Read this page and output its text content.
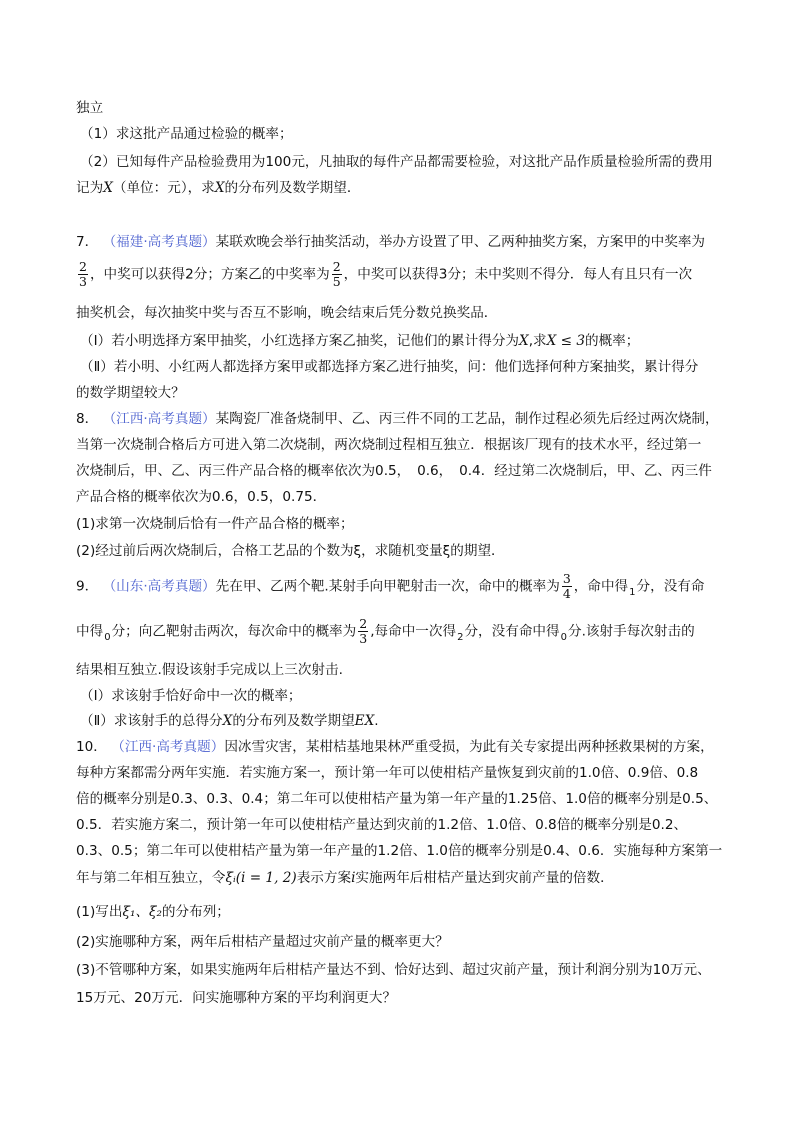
独立
（1）求这批产品通过检验的概率；
（2）已知每件产品检验费用为100元，凡抽取的每件产品都需要检验，对这批产品作质量检验所需的费用
记为X（单位：元），求X的分布列及数学期望．
7． （福建·高考真题）某联欢晚会举行抽奖活动，举办方设置了甲、乙两种抽奖方案，方案甲的中奖率为
$\frac{2}{3}$ ，中奖可以获得2分；方案乙的中奖率为 $\frac{2}{5}$ ，中奖可以获得3分；未中奖则不得分．每人有且只有一次
抽奖机会，每次抽奖中奖与否互不影响，晚会结束后凭分数兑换奖品．
（Ⅰ）若小明选择方案甲抽奖，小红选择方案乙抽奖，记他们的累计得分为X,求X ≤ 3的概率；
（Ⅱ）若小明、小红两人都选择方案甲或都选择方案乙进行抽奖，问：他们选择何种方案抽奖，累计得分
的数学期望较大？
8． （江西·高考真题）某陶瓷厂准备烧制甲、乙、丙三件不同的工艺品，制作过程必须先后经过两次烧制，
当第一次烧制合格后方可进入第二次烧制，两次烧制过程相互独立．根据该厂现有的技术水平，经过第一
次烧制后，甲、乙、丙三件产品合格的概率依次为0.5，　0.6，　0.4．经过第二次烧制后，甲、乙、丙三件
产品合格的概率依次为0.6，0.5，0.75．
(1)求第一次烧制后恰有一件产品合格的概率；
(2)经过前后两次烧制后，合格工艺品的个数为ξ，求随机变量ξ的期望．
9． （山东·高考真题）先在甲、乙两个靶.某射手向甲靶射击一次，命中的概率为 $\frac{3}{4}$ ，命中得$_1$分，没有命
中得$_0$分；向乙靶射击两次，每次命中的概率为 $\frac{2}{3}$ ,每命中一次得$_2$分，没有命中得$_0$分.该射手每次射击的
结果相互独立.假设该射手完成以上三次射击.
（Ⅰ）求该射手恰好命中一次的概率；
（Ⅱ）求该射手的总得分X的分布列及数学期望EX.
10． （江西·高考真题）因冰雪灾害，某柑桔基地果林严重受损，为此有关专家提出两种拯救果树的方案，
每种方案都需分两年实施．若实施方案一，预计第一年可以使柑桔产量恢复到灾前的1.0倍、0.9倍、0.8
倍的概率分别是0.3、0.3、0.4；第二年可以使柑桔产量为第一年产量的1.25倍、1.0倍的概率分别是0.5、
0.5．若实施方案二，预计第一年可以使柑桔产量达到灾前的1.2倍、1.0倍、0.8倍的概率分别是0.2、
0.3、0.5；第二年可以使柑桔产量为第一年产量的1.2倍、1.0倍的概率分别是0.4、0.6．实施每种方案第一
年与第二年相互独立，令ξᵢ(i = 1, 2)表示方案i实施两年后柑桔产量达到灾前产量的倍数．
(1)写出ξ₁、ξ₂的分布列；
(2)实施哪种方案，两年后柑桔产量超过灾前产量的概率更大？
(3)不管哪种方案，如果实施两年后柑桔产量达不到、恰好达到、超过灾前产量，预计利润分别为10万元、
15万元、20万元．问实施哪种方案的平均利润更大？
